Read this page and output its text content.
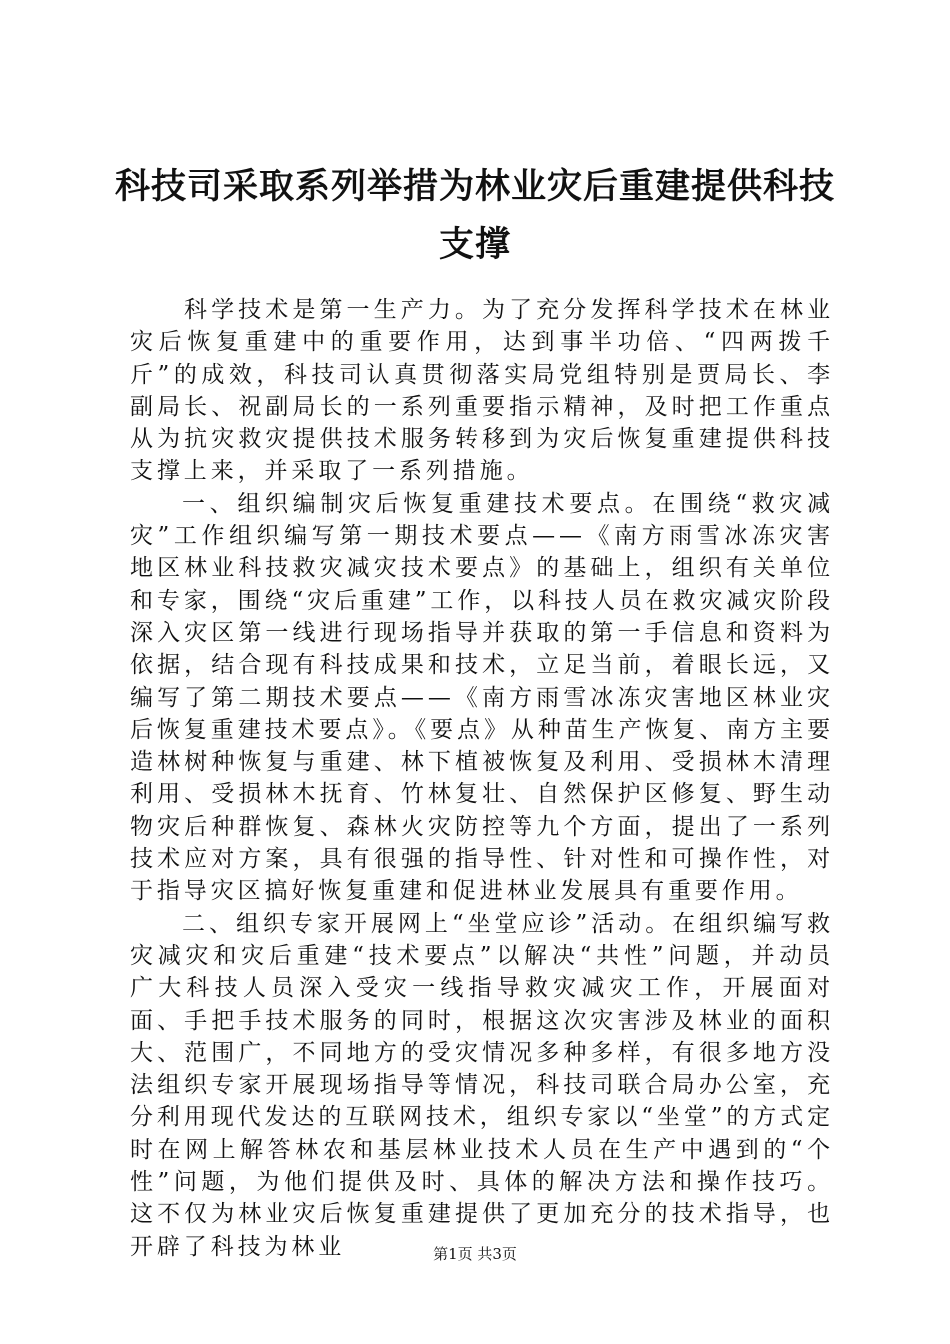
科技司采取系列举措为林业灾后重建提供科技支撑

科学技术是第一生产力。为了充分发挥科学技术在林业灾后恢复重建中的重要作用，达到事半功倍、“四两拨千斤”的成效，科技司认真贯彻落实局党组特别是贾局长、李副局长、祝副局长的一系列重要指示精神，及时把工作重点从为抗灾救灾提供技术服务转移到为灾后恢复重建提供科技支撑上来，并采取了一系列措施。

一、组织编制灾后恢复重建技术要点。在围绕“救灾减灾”工作组织编写第一期技术要点——《南方雨雪冰冻灾害地区林业科技救灾减灾技术要点》的基础上，组织有关单位和专家，围绕“灾后重建”工作，以科技人员在救灾减灾阶段深入灾区第一线进行现场指导并获取的第一手信息和资料为依据，结合现有科技成果和技术，立足当前，着眼长远，又编写了第二期技术要点——《南方雨雪冰冻灾害地区林业灾后恢复重建技术要点》。《要点》从种苗生产恢复、南方主要造林树种恢复与重建、林下植被恢复及利用、受损林木清理利用、受损林木抚育、竹林复壮、自然保护区修复、野生动物灾后种群恢复、森林火灾防控等九个方面，提出了一系列技术应对方案，具有很强的指导性、针对性和可操作性，对于指导灾区搞好恢复重建和促进林业发展具有重要作用。

二、组织专家开展网上“坐堂应诊”活动。在组织编写救灾减灾和灾后重建“技术要点”以解决“共性”问题，并动员广大科技人员深入受灾一线指导救灾减灾工作，开展面对面、手把手技术服务的同时，根据这次灾害涉及林业的面积大、范围广，不同地方的受灾情况多种多样，有很多地方没法组织专家开展现场指导等情况，科技司联合局办公室，充分利用现代发达的互联网技术，组织专家以“坐堂”的方式定时在网上解答林农和基层林业技术人员在生产中遇到的“个性”问题，为他们提供及时、具体的解决方法和操作技巧。这不仅为林业灾后恢复重建提供了更加充分的技术指导，也开辟了科技为林业	第1页 共3页
